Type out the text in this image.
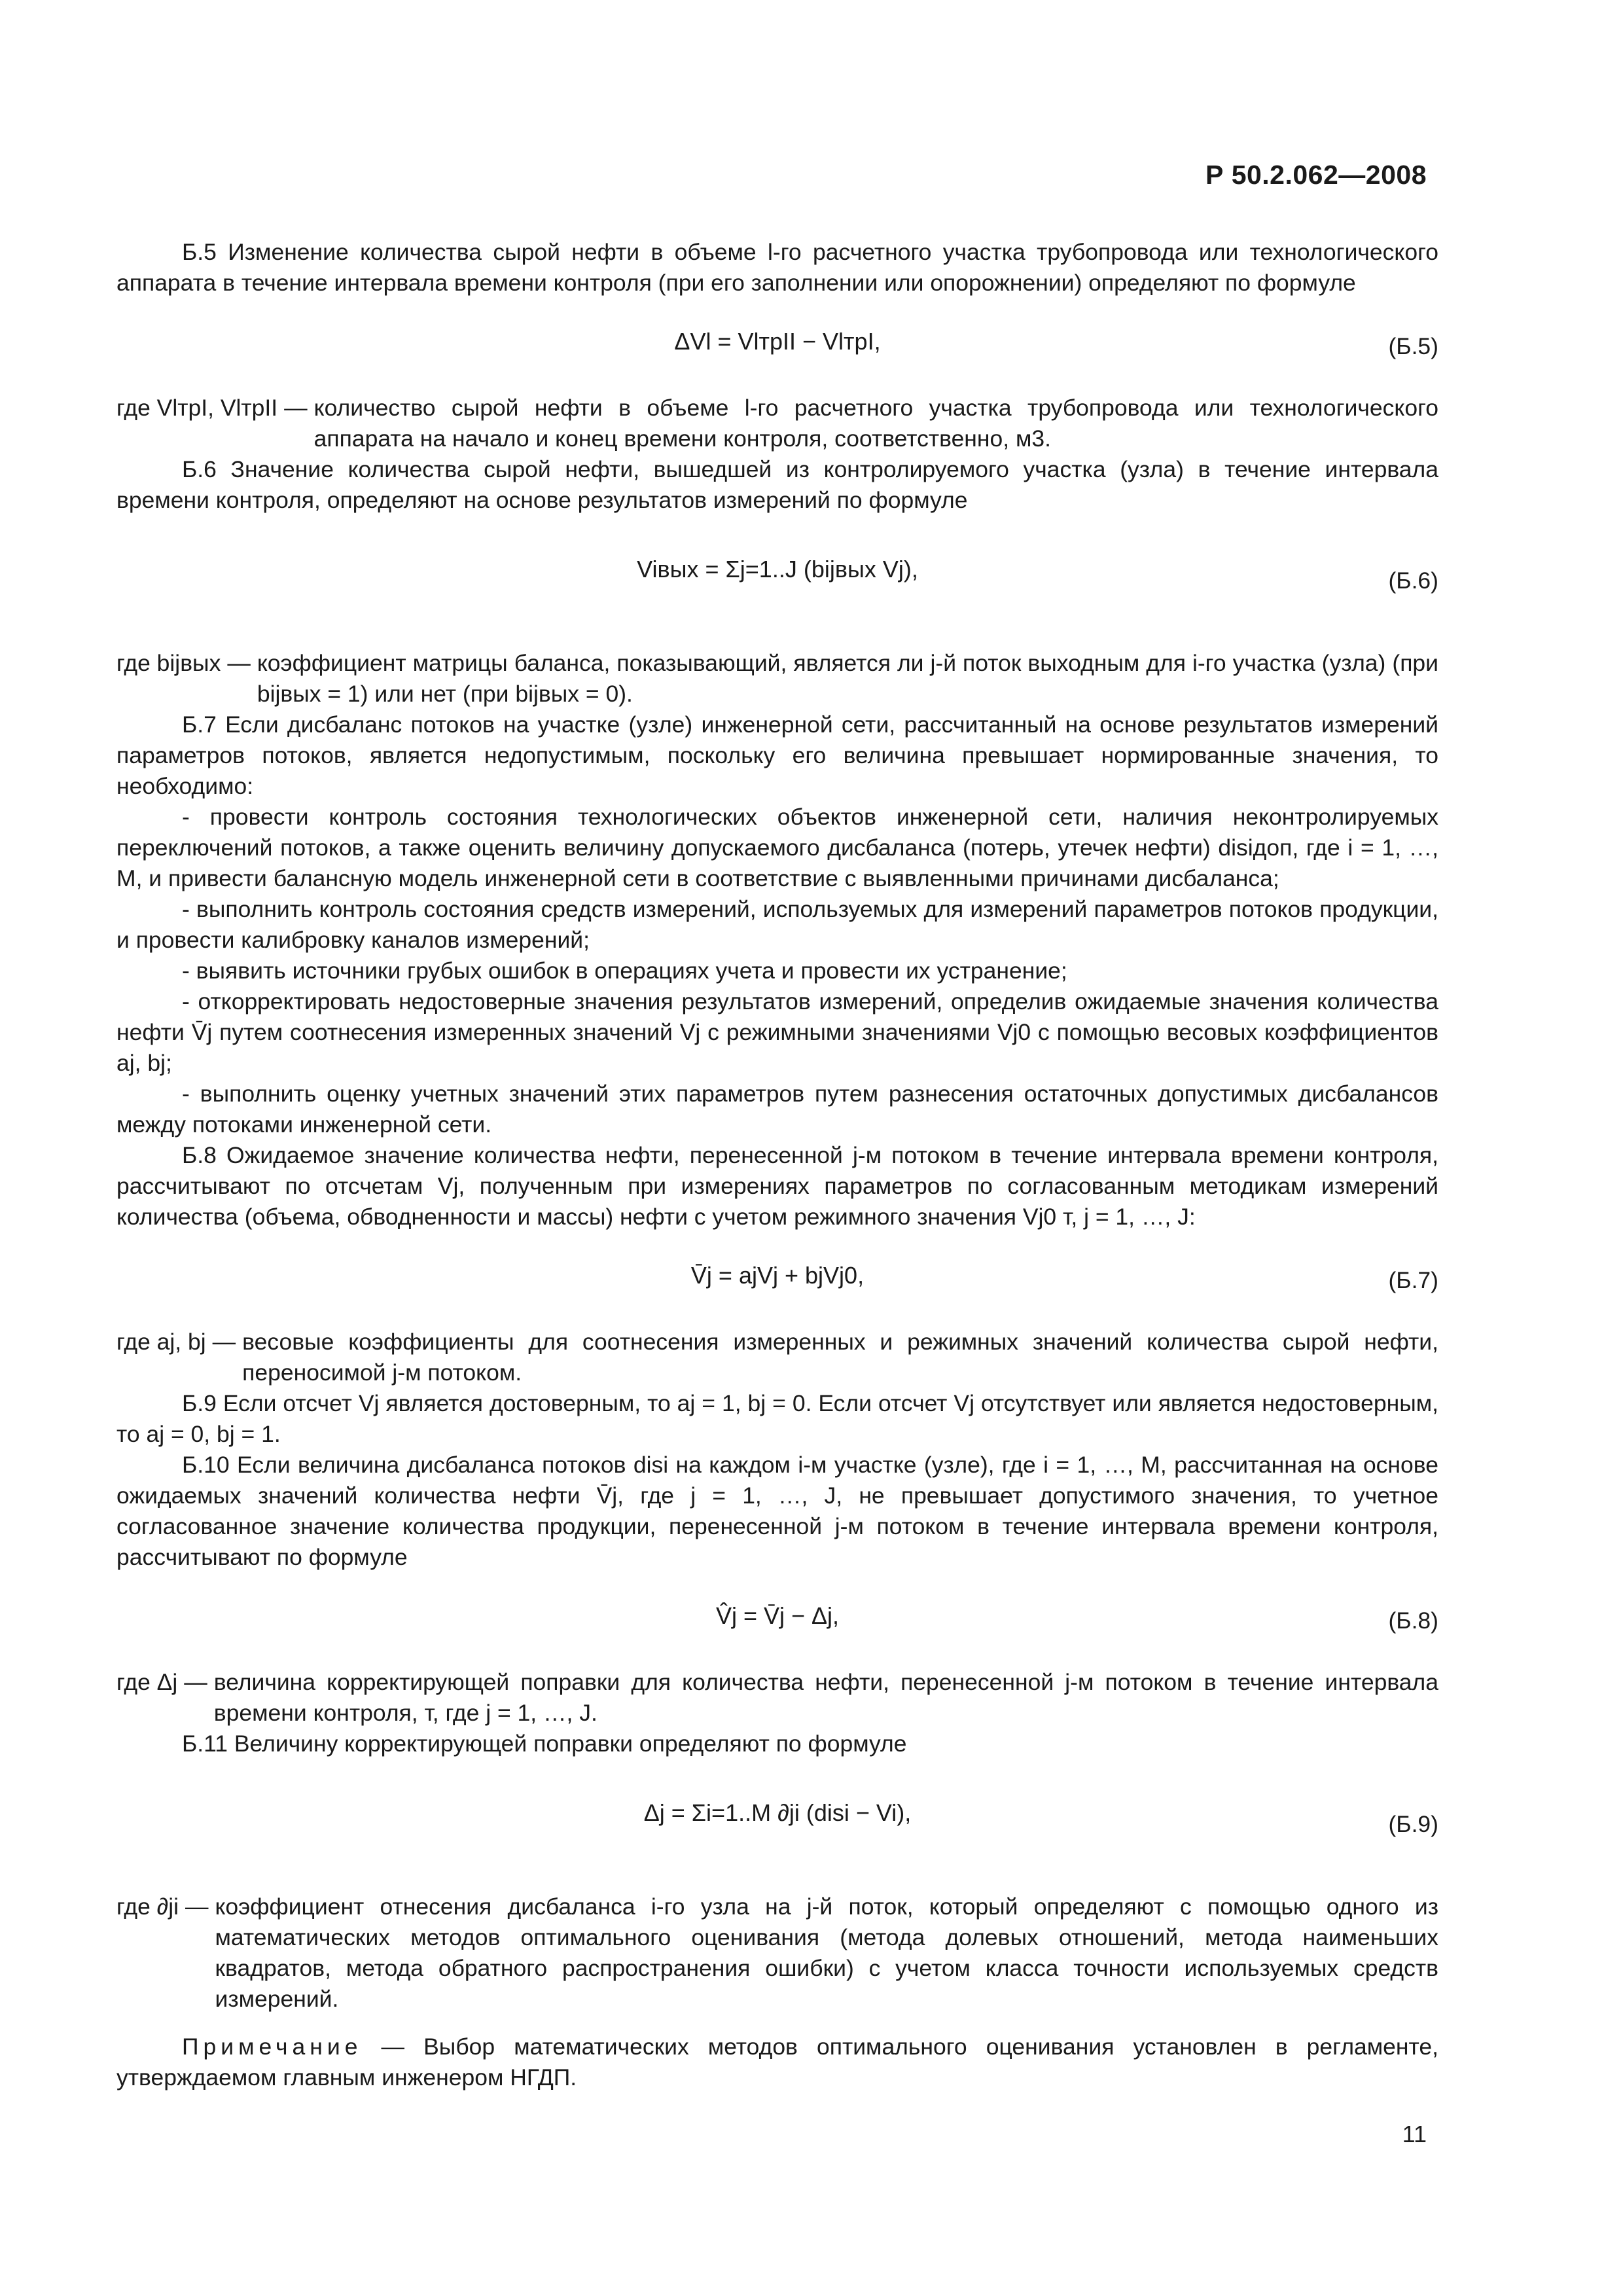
Р 50.2.062—2008

Б.5 Изменение количества сырой нефти в объеме l-го расчетного участка трубопровода или технологического аппарата в течение интервала времени контроля (при его заполнении или опорожнении) определяют по формуле

ΔVl = VlтрII − VlтрI,	(Б.5)
где VlтрI, VlтрII — количество сырой нефти в объеме l-го расчетного участка трубопровода или технологического аппарата на начало и конец времени контроля, соответственно, м3.

Б.6 Значение количества сырой нефти, вышедшей из контролируемого участка (узла) в течение интервала времени контроля, определяют на основе результатов измерений по формуле

Viвых = Σj=1..J (bijвых Vj),	(Б.6)
где bijвых — коэффициент матрицы баланса, показывающий, является ли j-й поток выходным для i-го участка (узла) (при bijвых = 1) или нет (при bijвых = 0).

Б.7 Если дисбаланс потоков на участке (узле) инженерной сети, рассчитанный на основе результатов измерений параметров потоков, является недопустимым, поскольку его величина превышает нормированные значения, то необходимо:

- провести контроль состояния технологических объектов инженерной сети, наличия неконтролируемых переключений потоков, а также оценить величину допускаемого дисбаланса (потерь, утечек нефти) disiдоп, где i = 1, …, M, и привести балансную модель инженерной сети в соответствие с выявленными причинами дисбаланса;

- выполнить контроль состояния средств измерений, используемых для измерений параметров потоков продукции, и провести калибровку каналов измерений;

- выявить источники грубых ошибок в операциях учета и провести их устранение;

- откорректировать недостоверные значения результатов измерений, определив ожидаемые значения количества нефти V̄j путем соотнесения измеренных значений Vj с режимными значениями Vj0 с помощью весовых коэффициентов aj, bj;

- выполнить оценку учетных значений этих параметров путем разнесения остаточных допустимых дисбалансов между потоками инженерной сети.

Б.8 Ожидаемое значение количества нефти, перенесенной j-м потоком в течение интервала времени контроля, рассчитывают по отсчетам Vj, полученным при измерениях параметров по согласованным методикам измерений количества (объема, обводненности и массы) нефти с учетом режимного значения Vj0 т, j = 1, …, J:

V̄j = ajVj + bjVj0,	(Б.7)
где aj, bj — весовые коэффициенты для соотнесения измеренных и режимных значений количества сырой нефти, переносимой j-м потоком.

Б.9 Если отсчет Vj является достоверным, то aj = 1, bj = 0. Если отсчет Vj отсутствует или является недостоверным, то aj = 0, bj = 1.

Б.10 Если величина дисбаланса потоков disi на каждом i-м участке (узле), где i = 1, …, M, рассчитанная на основе ожидаемых значений количества нефти V̄j, где j = 1, …, J, не превышает допустимого значения, то учетное согласованное значение количества продукции, перенесенной j-м потоком в течение интервала времени контроля, рассчитывают по формуле

V̂j = V̄j − Δj,	(Б.8)
где Δj — величина корректирующей поправки для количества нефти, перенесенной j-м потоком в течение интервала времени контроля, т, где j = 1, …, J.

Б.11 Величину корректирующей поправки определяют по формуле

Δj = Σi=1..M ∂ji (disi − Vi),	(Б.9)
где ∂ji — коэффициент отнесения дисбаланса i-го узла на j-й поток, который определяют с помощью одного из математических методов оптимального оценивания (метода долевых отношений, метода наименьших квадратов, метода обратного распространения ошибки) с учетом класса точности используемых средств измерений.

Примечание — Выбор математических методов оптимального оценивания установлен в регламенте, утверждаемом главным инженером НГДП.

11
